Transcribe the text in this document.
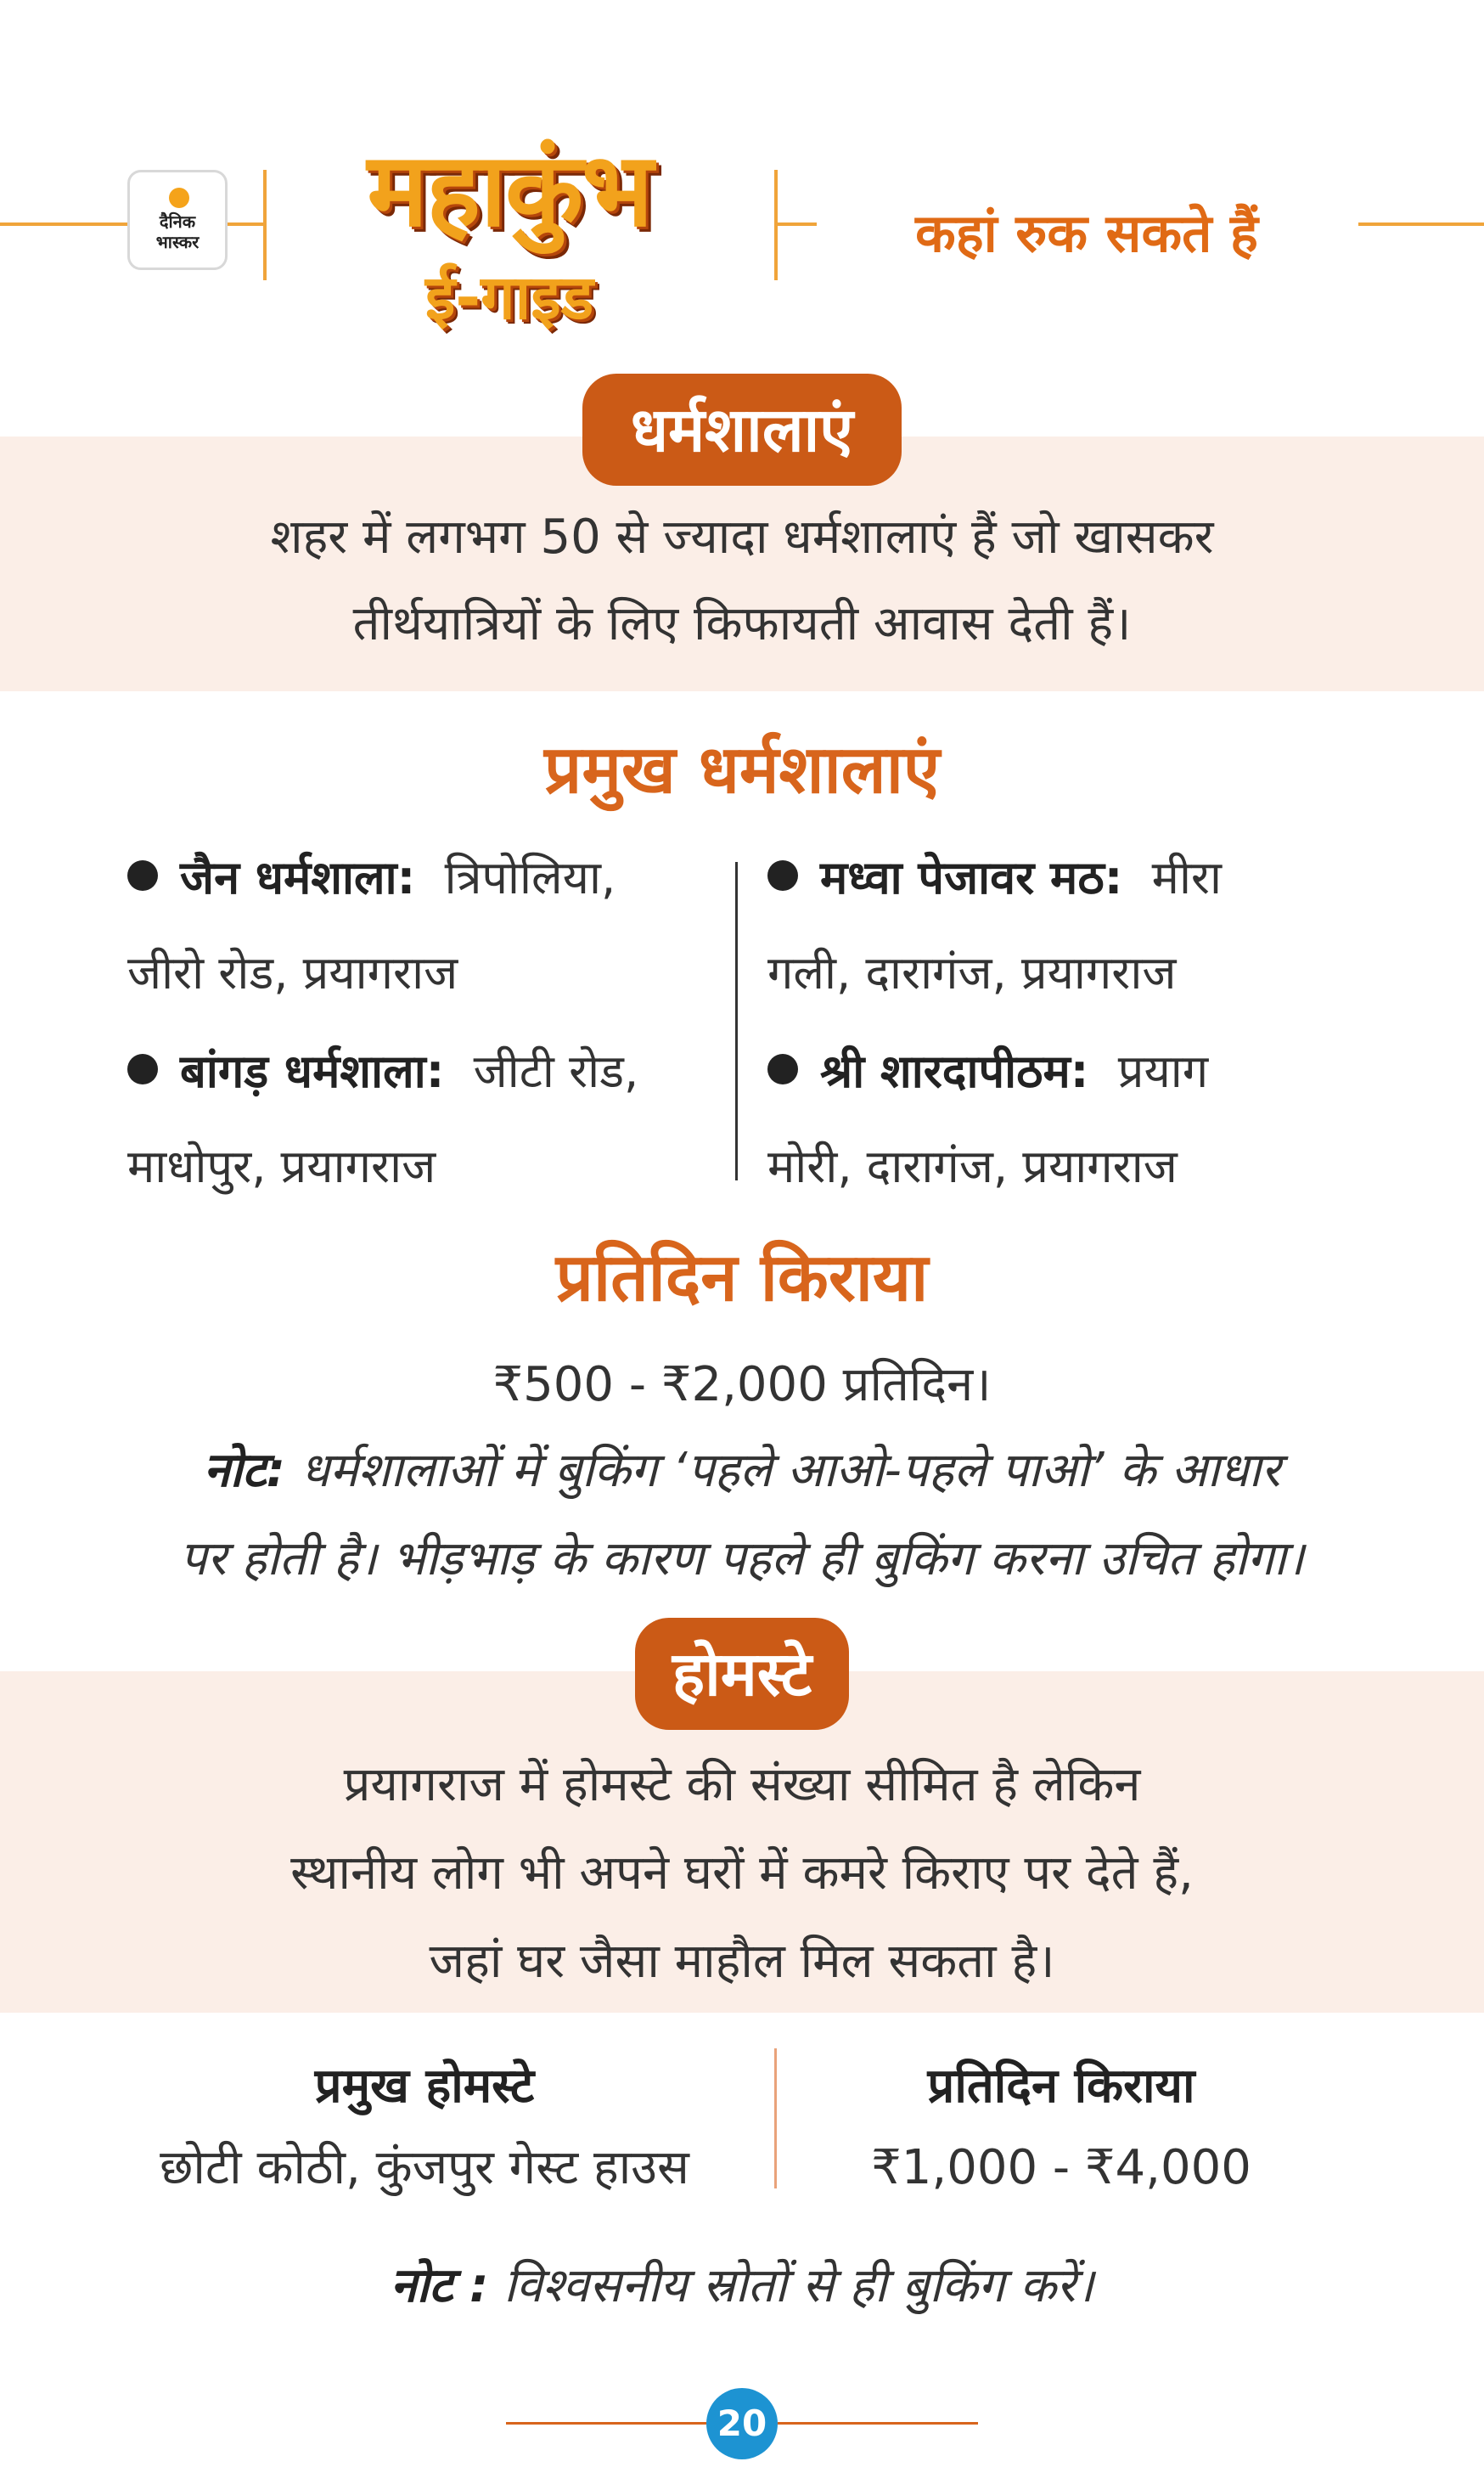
दैनिक
भास्कर	महाकुंभ
ई-गाइड
कहां रुक सकते हैं
धर्मशालाएं
शहर में लगभग 50 से ज्यादा धर्मशालाएं हैं जो खासकर
तीर्थयात्रियों के लिए किफायती आवास देती हैं।
प्रमुख धर्मशालाएं
जैन धर्मशाला: त्रिपोलिया,
जीरो रोड, प्रयागराज
बांगड़ धर्मशाला: जीटी रोड,
माधोपुर, प्रयागराज
मध्वा पेजावर मठ: मीरा
गली, दारागंज, प्रयागराज
श्री शारदापीठम: प्रयाग
मोरी, दारागंज, प्रयागराज
प्रतिदिन किराया
₹500 - ₹2,000 प्रतिदिन।
नोट: धर्मशालाओं में बुकिंग ‘पहले आओ-पहले पाओ’ के आधार
पर होती है। भीड़भाड़ के कारण पहले ही बुकिंग करना उचित होगा।
होमस्टे
प्रयागराज में होमस्टे की संख्या सीमित है लेकिन
स्थानीय लोग भी अपने घरों में कमरे किराए पर देते हैं,
जहां घर जैसा माहौल मिल सकता है।
प्रमुख होमस्टे
छोटी कोठी, कुंजपुर गेस्ट हाउस
प्रतिदिन किराया
₹1,000 - ₹4,000
नोट : विश्वसनीय स्रोतों से ही बुकिंग करें।
20
